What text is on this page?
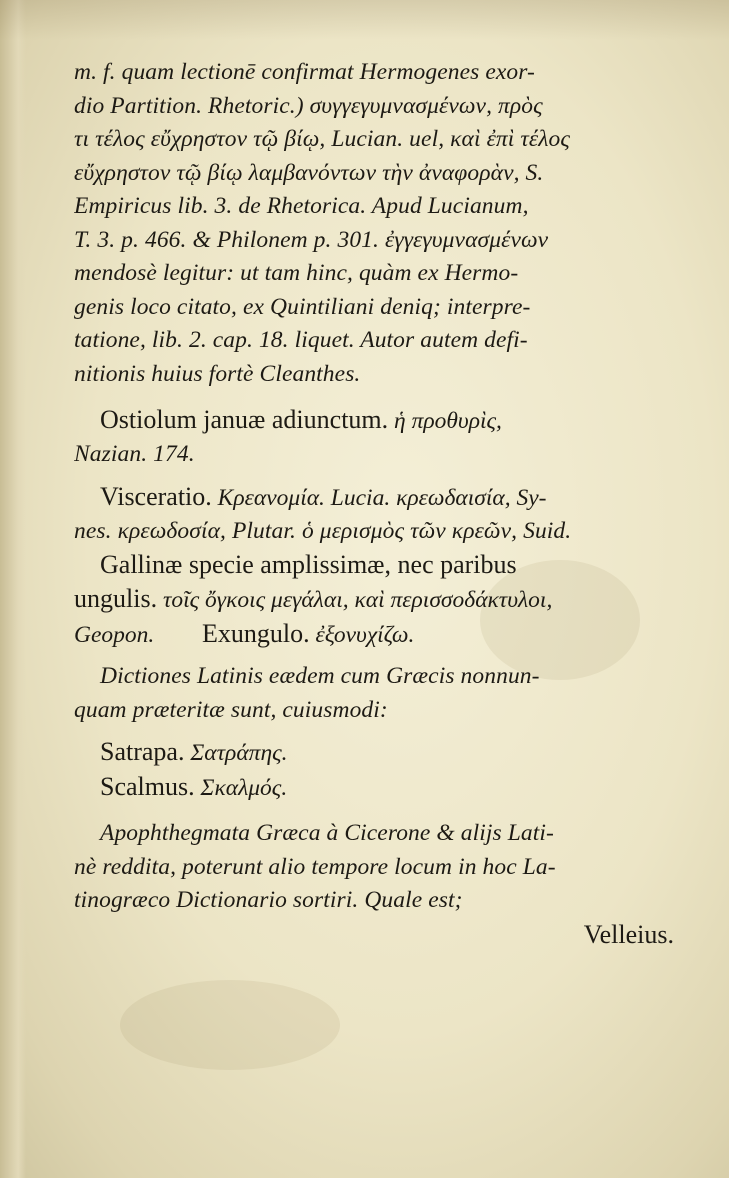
m. f. quam lectionē confirmat Hermogenes exor-
dio Partition. Rhetoric.) συγγεγυμνασμένων, πρὸς
τι τέλος εὔχρηστον τῷ βίῳ, Lucian. uel, καὶ ἐπὶ τέλος
εὔχρηστον τῷ βίῳ λαμβανόντων τὴν ἀναφορὰν, S.
Empiricus lib. 3. de Rhetorica. Apud Lucianum,
T. 3. p. 466. & Philonem p. 301. ἐγγεγυμνασμένων
mendosè legitur: ut tam hinc, quàm ex Hermo-
genis loco citato, ex Quintiliani deniq; interpre-
tatione, lib. 2. cap. 18. liquet. Autor autem defi-
nitionis huius fortè Cleanthes.
Ostiolum januæ adiunctum. ἡ προθυρὶς,
Nazian. 174.
Visceratio. Κρεανομία. Lucia. κρεωδαισία, Sy-
nes. κρεωδοσία, Plutar. ὁ μερισμὸς τῶν κρεῶν, Suid.
Gallinæ specie amplissimæ, nec paribus
ungulis. τοῖς ὄγκοις μεγάλαι, καὶ περισσοδάκτυλοι,
Geopon. Exungulo. ἐξονυχίζω.
Dictiones Latinis eædem cum Græcis nonnun-
quam præteritæ sunt, cuiusmodi:
Satrapa. Σατράπης.
Scalmus. Σκαλμός.
Apophthegmata Græca à Cicerone & alijs Lati-
nè reddita, poterunt alio tempore locum in hoc La-
tinogræco Dictionario sortiri. Quale est;
Velleius.
